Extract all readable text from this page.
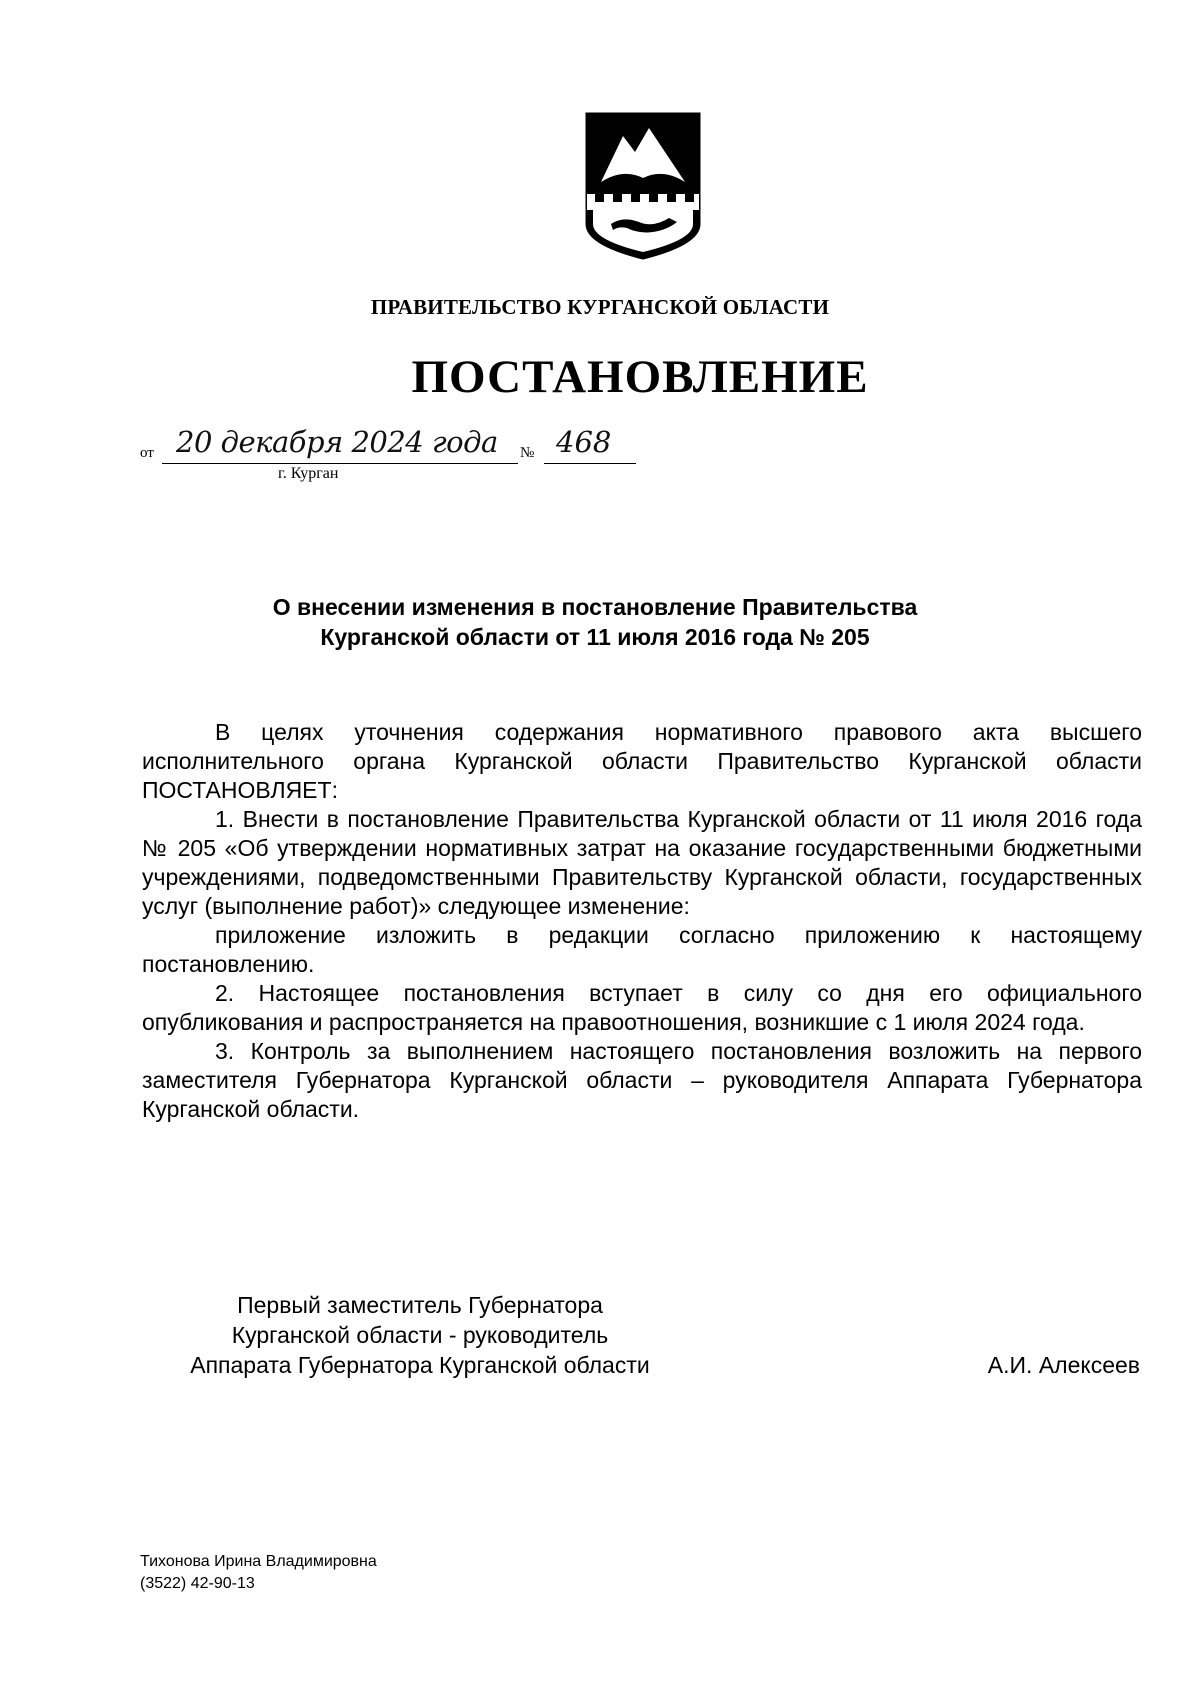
ПРАВИТЕЛЬСТВО КУРГАНСКОЙ ОБЛАСТИ
ПОСТАНОВЛЕНИЕ
от 20 декабря 2024 года № 468
г. Курган
О внесении изменения в постановление Правительства
Курганской области от 11 июля 2016 года № 205

В целях уточнения содержания нормативного правового акта высшего исполнительного органа Курганской области Правительство Курганской области ПОСТАНОВЛЯЕТ:

1. Внести в постановление Правительства Курганской области от 11 июля 2016 года № 205 «Об утверждении нормативных затрат на оказание государственными бюджетными учреждениями, подведомственными Правительству Курганской области, государственных услуг (выполнение работ)» следующее изменение:

приложение изложить в редакции согласно приложению к настоящему постановлению.

2. Настоящее постановления вступает в силу со дня его официального опубликования и распространяется на правоотношения, возникшие с 1 июля 2024 года.

3. Контроль за выполнением настоящего постановления возложить на первого заместителя Губернатора Курганской области – руководителя Аппарата Губернатора Курганской области.

Первый заместитель Губернатора
Курганской области - руководитель
Аппарата Губернатора Курганской области	А.И. Алексеев
Тихонова Ирина Владимировна
(3522) 42-90-13
